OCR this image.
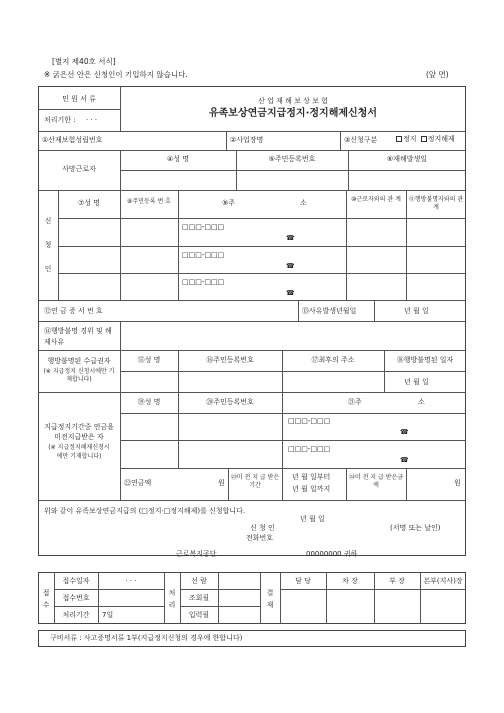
[별지 제40호 서식]
※ 굵은선 안은 신청인이 기입하지 않습니다.	(앞 면)
민 원 서 류
처리기한 : · · ·
산 업 재 해 보 상 보 험
유족보상연금지급정지·정지해제신청서
①산재보험성립번호	②사업장명	③신청구분	정지 정지해제
사망근로자
④성 명	⑤주민등록번호	⑥재해발생일
신
청
인
⑦성 명	⑧주민등록 번 호	⑨주	소	⑩근로자와의 관 계 ⑪행방불명자와의 관계
□□□-□□□
☎
□□□-□□□
☎
□□□-□□□
☎
⑫연 금 증 서 번 호	⑬사유발생년월일	년 월 일
⑭행방불명 경위 및 해제사유
행방불명된 수급권자
(※ 지급정지 신청시에만 기재합니다)
⑮성 명	⑯주민등록번호	⑰최후의 주소	⑱행방불명된 일자
년 월 일
지급정지기간중 연금을
미전지급받은 자
(※ 지급정지해제신청시
에만 기재합니다)
⑲성 명	⑳주민등록번호	㉑주	소
□□□-□□□
☎
□□□-□□□
☎
㉒연금액	원
㉓미 전 지 급 받은기간
년 월 일부터
년 월 일까지
㉔미 전 지 급 받은금액	원
위와 같이 유족보상연금지급의 (□정지·□정지해제)를 신청합니다.
년 월 일
신 청 인	(서명 또는 날인)
전화번호
근로복지공단	00000000 귀하
접
수
접수일자	· · ·
접수번호
처리기간	7일
처
리
선 람
조회필
입력필
결
재
담 당	차 장	부 장	본부(지사)장
구비서류 : 사고증명서류 1부(지급정지신청의 경우에 한합니다)
